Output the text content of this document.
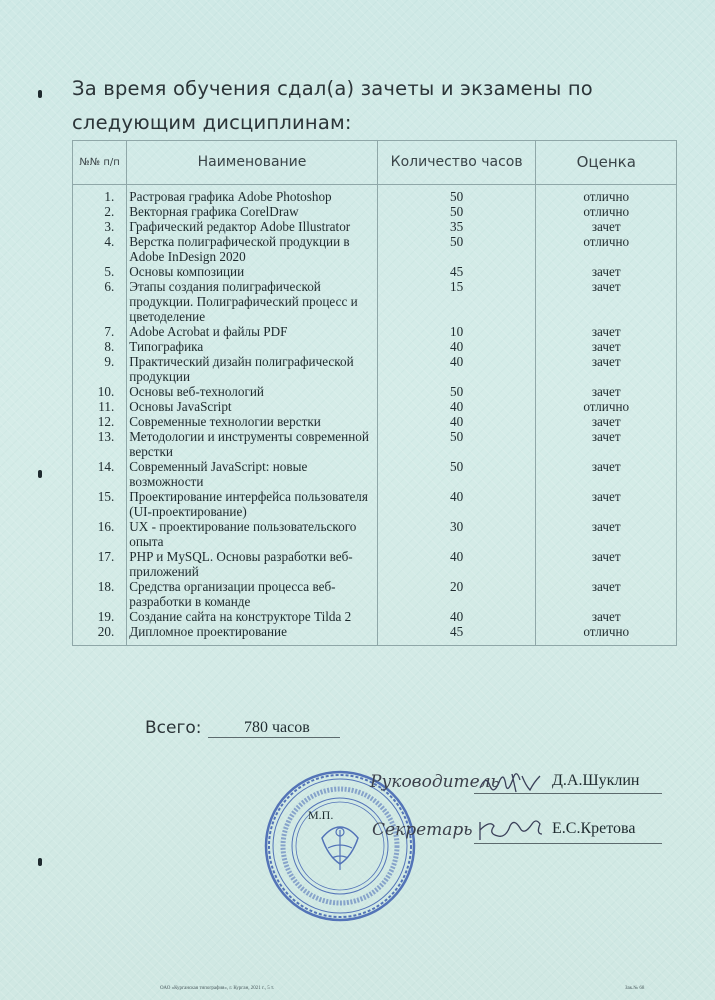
За время обучения сдал(а) зачеты и экзамены по следующим дисциплинам:
№№ п/п	Наименование	Количество часов	Оценка
1.	Растровая графика Adobe Photoshop	50	отлично
2.	Векторная графика CorelDraw	50	отлично
3.	Графический редактор Adobe Illustrator	35	зачет
4.	Верстка полиграфической продукции в Adobe InDesign 2020	50	отлично
5.	Основы композиции	45	зачет
6.	Этапы создания полиграфической продукции. Полиграфический процесс и цветоделение	15	зачет
7.	Adobe Acrobat и файлы PDF	10	зачет
8.	Типографика	40	зачет
9.	Практический дизайн полиграфической продукции	40	зачет
10.	Основы веб-технологий	50	зачет
11.	Основы JavaScript	40	отлично
12.	Современные технологии верстки	40	зачет
13.	Методологии и инструменты современной верстки	50	зачет
14.	Современный JavaScript: новые возможности	50	зачет
15.	Проектирование интерфейса пользователя (UI-проектирование)	40	зачет
16.	UX - проектирование пользовательского опыта	30	зачет
17.	PHP и MySQL. Основы разработки веб-приложений	40	зачет
18.	Средства организации процесса веб-разработки в команде	20	зачет
19.	Создание сайта на конструкторе Tilda 2	40	зачет
20.	Дипломное проектирование	45	отлично
Всего:	780 часов
М.П.
Руководитель	Д.А.Шуклин
Секретарь	Е.С.Кретова
ОАО «Курганская типография», г. Курган, 2021 г., 5 т.	Зак.№ 68
